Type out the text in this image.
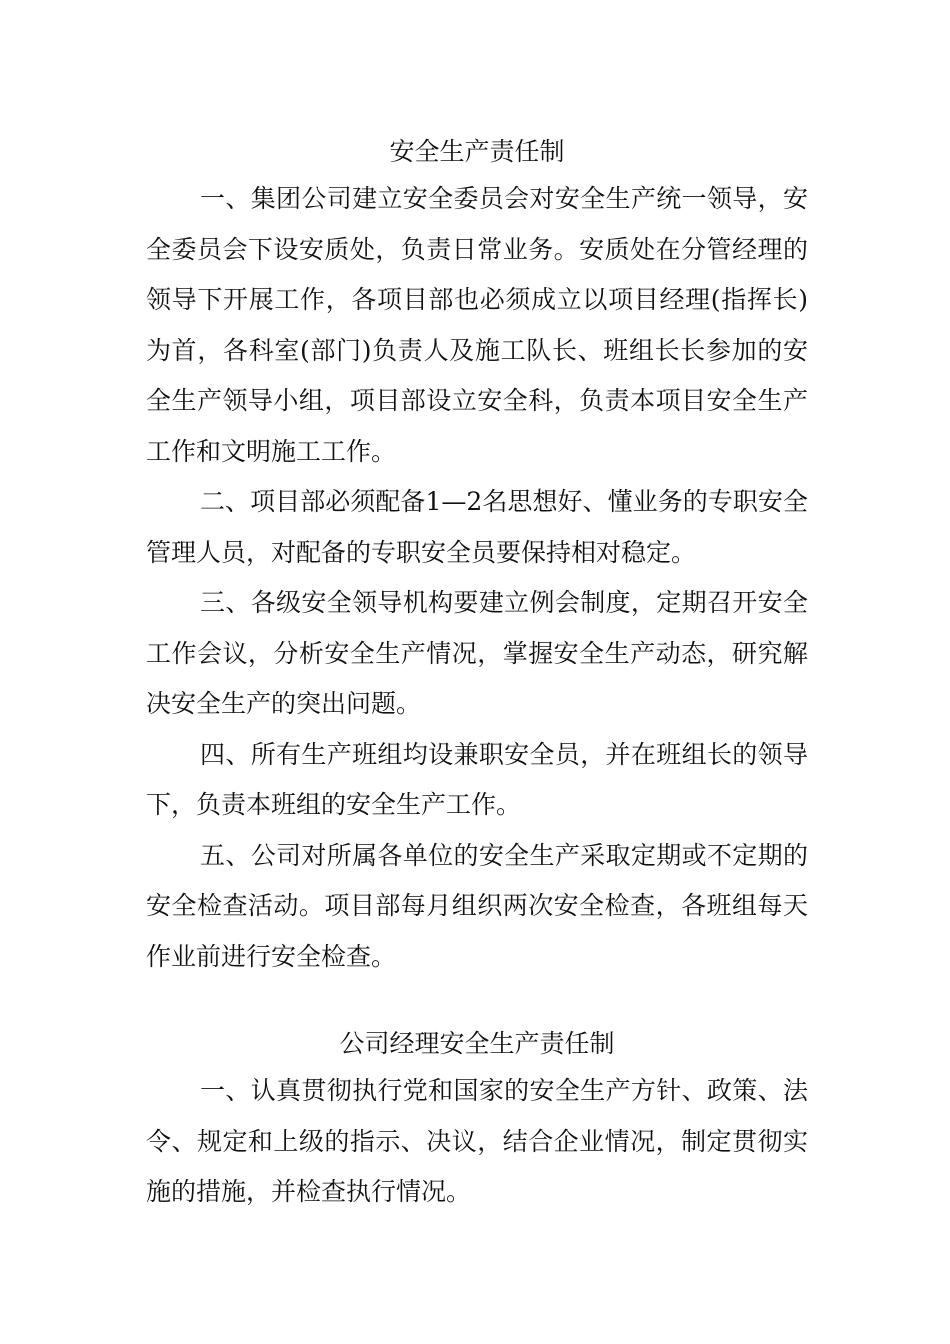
安全生产责任制

一、集团公司建立安全委员会对安全生产统一领导，安全委员会下设安质处，负责日常业务。安质处在分管经理的领导下开展工作，各项目部也必须成立以项目经理(指挥长)为首，各科室(部门)负责人及施工队长、班组长长参加的安全生产领导小组，项目部设立安全科，负责本项目安全生产工作和文明施工工作。

二、项目部必须配备1—2名思想好、懂业务的专职安全管理人员，对配备的专职安全员要保持相对稳定。

三、各级安全领导机构要建立例会制度，定期召开安全工作会议，分析安全生产情况，掌握安全生产动态，研究解决安全生产的突出问题。

四、所有生产班组均设兼职安全员，并在班组长的领导下，负责本班组的安全生产工作。

五、公司对所属各单位的安全生产采取定期或不定期的安全检查活动。项目部每月组织两次安全检查，各班组每天作业前进行安全检查。

公司经理安全生产责任制

一、认真贯彻执行党和国家的安全生产方针、政策、法令、规定和上级的指示、决议，结合企业情况，制定贯彻实施的措施，并检查执行情况。
